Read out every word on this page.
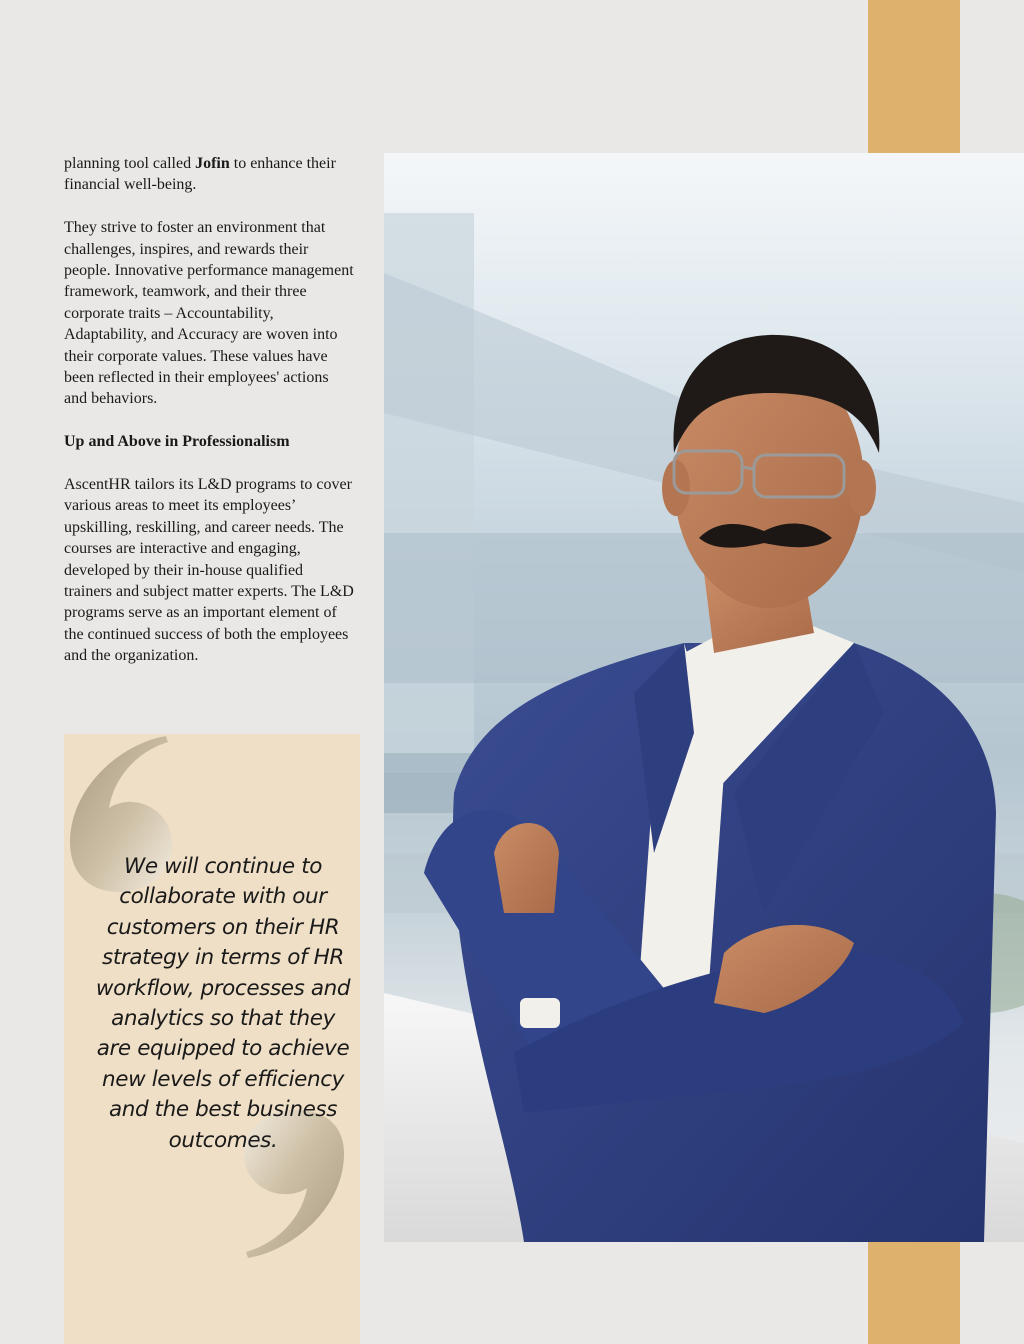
planning tool called Jofin to enhance their financial well-being.

They strive to foster an environment that challenges, inspires, and rewards their people. Innovative performance management framework, teamwork, and their three corporate traits – Accountability, Adaptability, and Accuracy are woven into their corporate values. These values have been reflected in their employees' actions and behaviors.

Up and Above in Professionalism

AscentHR tailors its L&D programs to cover various areas to meet its employees’ upskilling, reskilling, and career needs. The courses are interactive and engaging, developed by their in-house qualified trainers and subject matter experts. The L&D programs serve as an important element of the continued success of both the employees and the organization.

We will continue to collaborate with our customers on their HR strategy in terms of HR workflow, processes and analytics so that they are equipped to achieve new levels of efficiency and the best business outcomes.
